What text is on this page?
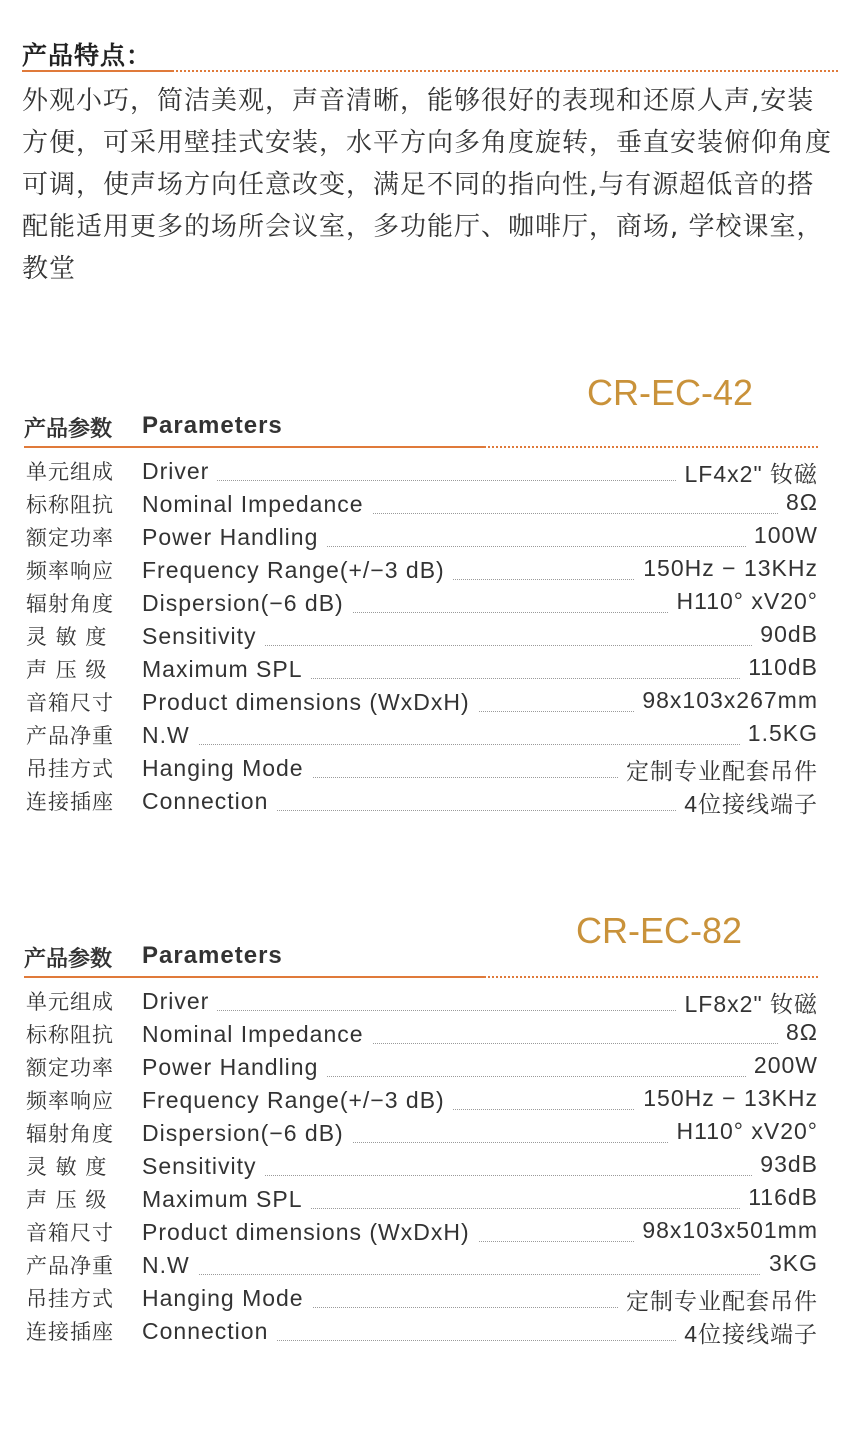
产品特点：
外观小巧，简洁美观，声音清晰，能够很好的表现和还原人声,安装方便，可采用壁挂式安装，水平方向多角度旋转，垂直安装俯仰角度可调，使声场方向任意改变，满足不同的指向性,与有源超低音的搭配能适用更多的场所会议室，多功能厅、咖啡厅，商场, 学校课室，教堂
CR-EC-42
产品参数 Parameters
单元组成 Driver	LF4x2" 钕磁
标称阻抗 Nominal Impedance	8Ω
额定功率 Power Handling	100W
频率响应 Frequency Range(+/−3 dB)	150Hz − 13KHz
辐射角度 Dispersion(−6 dB)	H110° xV20°
灵 敏 度 Sensitivity	90dB
声 压 级 Maximum SPL	110dB
音箱尺寸 Product dimensions (WxDxH)	98x103x267mm
产品净重 N.W	1.5KG
吊挂方式 Hanging Mode	定制专业配套吊件
连接插座 Connection	4位接线端子
CR-EC-82
产品参数 Parameters
单元组成 Driver	LF8x2" 钕磁
标称阻抗 Nominal Impedance	8Ω
额定功率 Power Handling	200W
频率响应 Frequency Range(+/−3 dB)	150Hz − 13KHz
辐射角度 Dispersion(−6 dB)	H110° xV20°
灵 敏 度 Sensitivity	93dB
声 压 级 Maximum SPL	116dB
音箱尺寸 Product dimensions (WxDxH)	98x103x501mm
产品净重 N.W	3KG
吊挂方式 Hanging Mode	定制专业配套吊件
连接插座 Connection	4位接线端子
